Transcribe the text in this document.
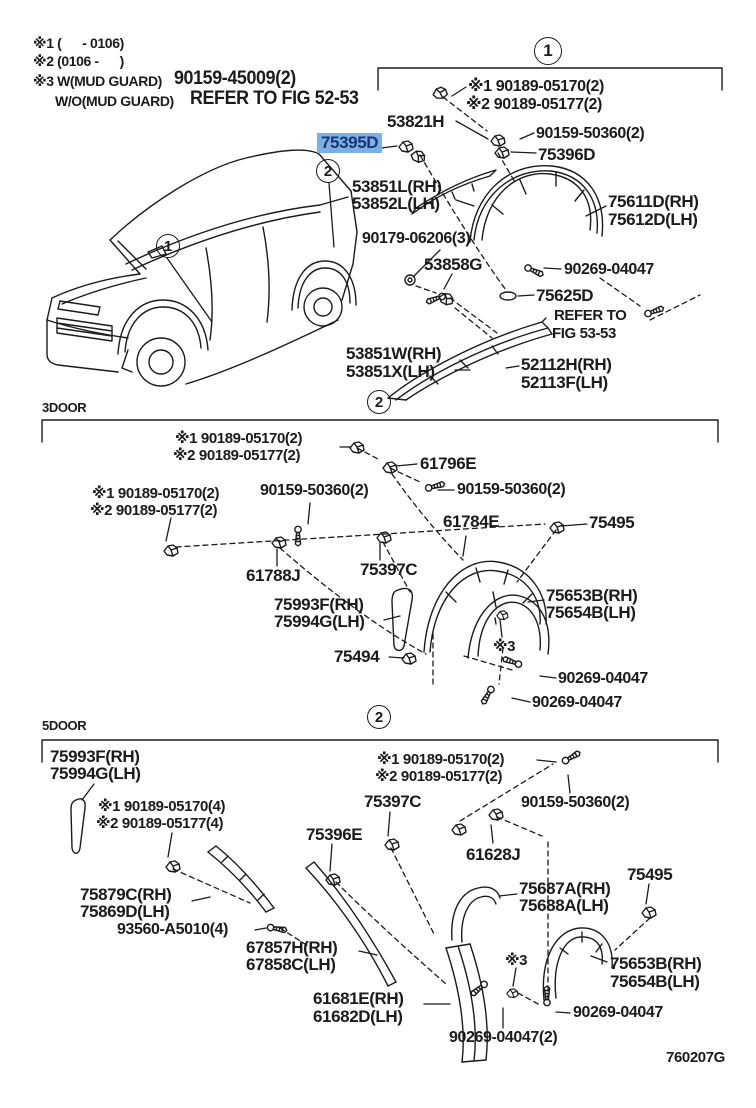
1
1
2
2
2
※1 (      - 0106)
※2 (0106 -      )
※3 W(MUD GUARD) 90159-45009(2)
W/O(MUD GUARD) REFER TO FIG 52-53
※1 90189-05170(2)
※2 90189-05177(2)
53821H
75395D	90159-50360(2)
75396D
53851L(RH)
53852L(LH)	75611D(RH)
75612D(LH)
90179-06206(3)
53858G	90269-04047
75625D
REFER TO
FIG 53-53
53851W(RH)
53851X(LH)	52112H(RH)
52113F(LH)
3DOOR
※1 90189-05170(2)
※2 90189-05177(2)	61796E
※1 90189-05170(2)
※2 90189-05177(2)
90159-50360(2)	90159-50360(2)
61784E	75495
61788J	75397C
75993F(RH)
75994G(LH)
75653B(RH)
75654B(LH)
※3
75494
90269-04047
90269-04047
5DOOR
75993F(RH)
75994G(LH)
※1 90189-05170(2)
※2 90189-05177(2)
※1 90189-05170(4)
※2 90189-05177(4)
90159-50360(2)
75397C
75396E
61628J
75495
75687A(RH)
75688A(LH)
75879C(RH)
75869D(LH)
93560-A5010(4)
67857H(RH)
67858C(LH)	※3	75653B(RH)
75654B(LH)
61681E(RH)
61682D(LH)	90269-04047
90269-04047(2)
760207G
